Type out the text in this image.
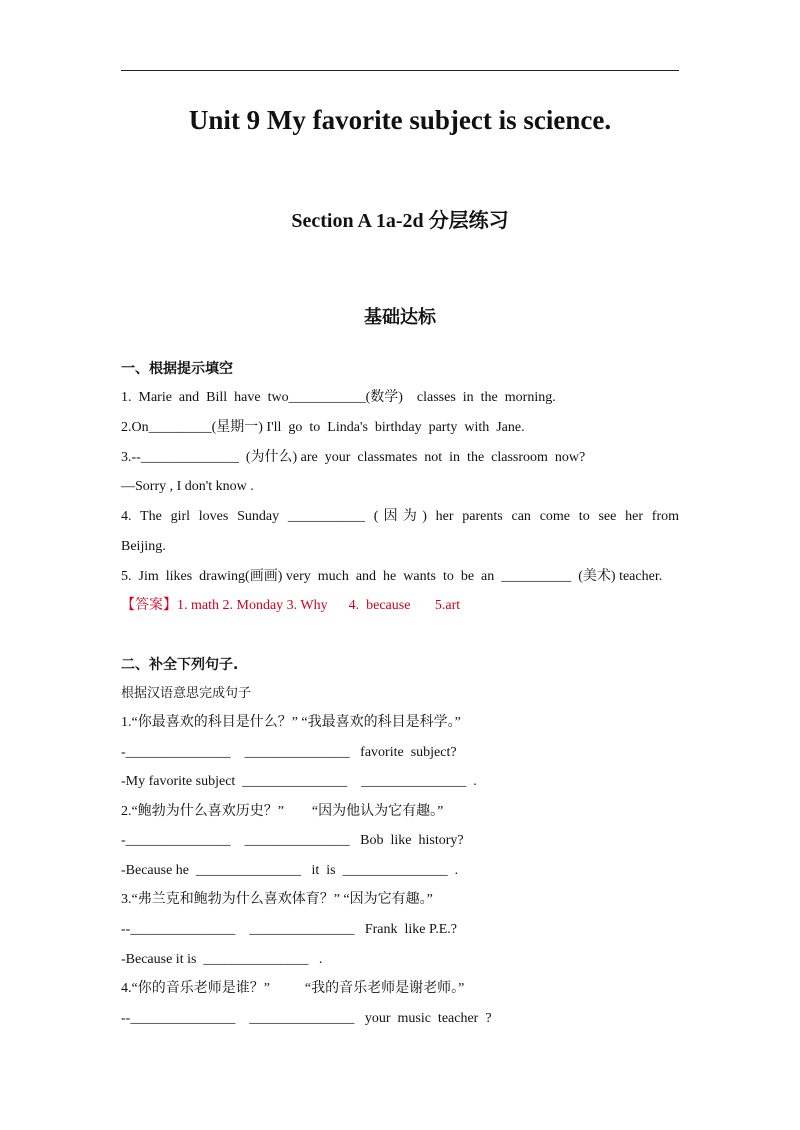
Unit 9 My favorite subject is science.
Section A 1a-2d 分层练习
基础达标
一、根据提示填空
1.  Marie  and  Bill  have  two___________(数学)    classes  in  the  morning.
2.On_________(星期一) I'll  go  to  Linda's  birthday  party  with  Jane.
3.--______________  (为什么) are  your  classmates  not  in  the  classroom  now?
—Sorry , I don't know .
4. The girl loves Sunday ___________ (因为) her parents can come to see her from
Beijing.
5.  Jim  likes  drawing(画画) very  much  and  he  wants  to  be  an  __________  (美术) teacher.
【答案】1. math 2. Monday 3. Why      4.  because       5.art
二、补全下列句子.
根据汉语意思完成句子
1.“你最喜欢的科目是什么？” “我最喜欢的科目是科学。”
-_______________    _______________   favorite  subject?
-My favorite subject  _______________    _______________  .
2.“鲍勃为什么喜欢历史？”        “因为他认为它有趣。”
-_______________    _______________   Bob  like  history?
-Because he  _______________   it  is  _______________  .
3.“弗兰克和鲍勃为什么喜欢体育？” “因为它有趣。”
--_______________    _______________   Frank  like P.E.?
-Because it is  _______________   .
4.“你的音乐老师是谁？”          “我的音乐老师是谢老师。”
--_______________    _______________   your  music  teacher  ?
